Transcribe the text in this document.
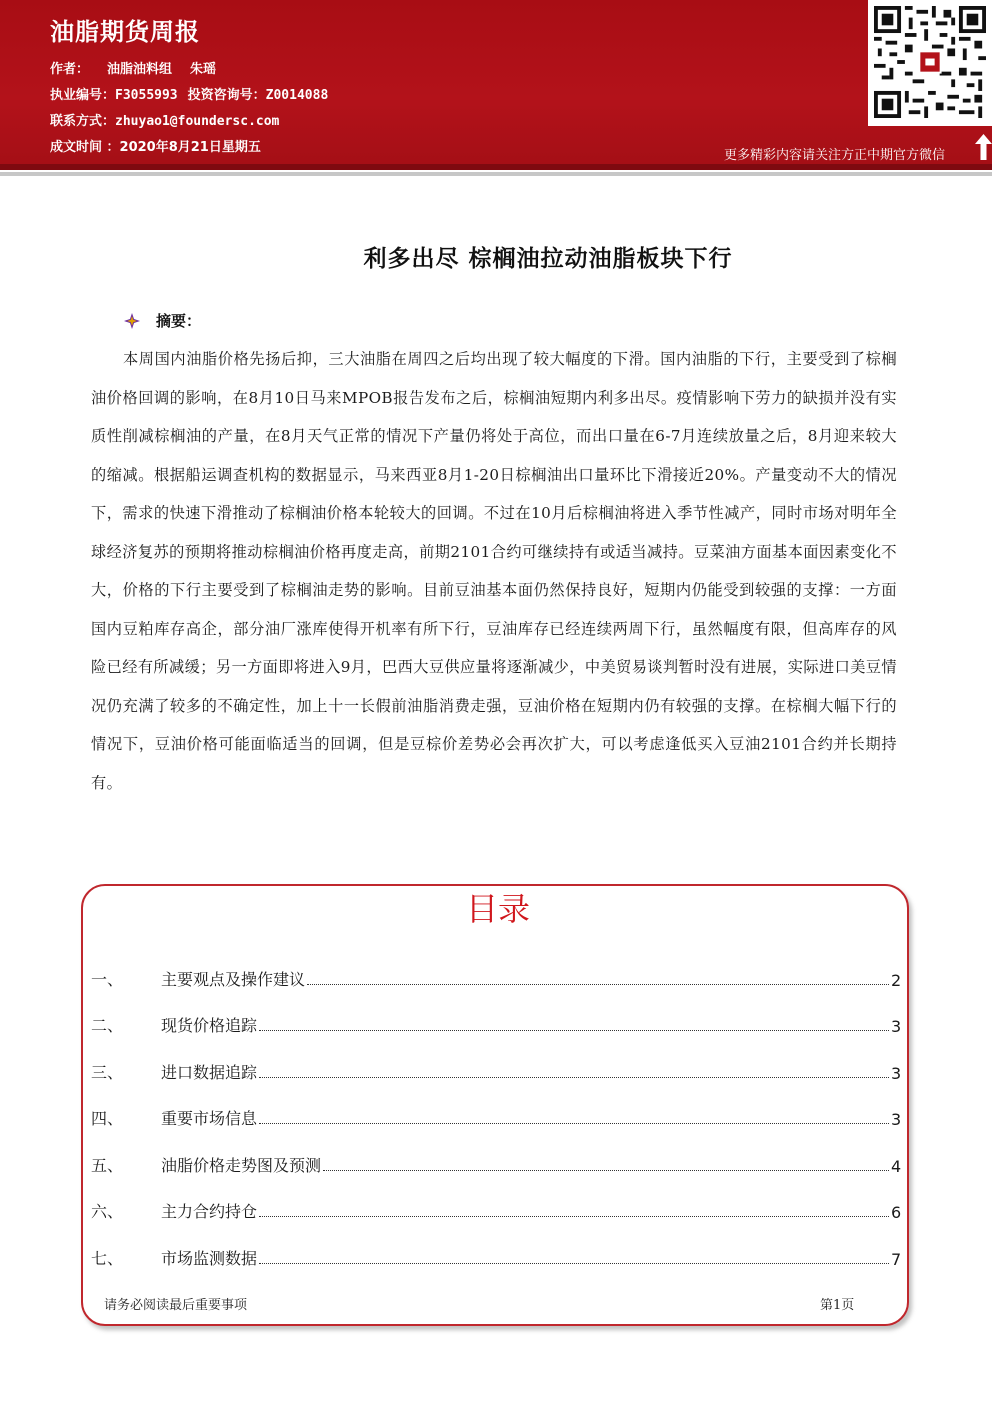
油脂期货周报
作者： 油脂油料组 朱瑶
执业编号：F3055993 投资咨询号：Z0014088
联系方式：zhuyao1@foundersc.com
成文时间 ：2020年8月21日星期五
更多精彩内容请关注方正中期官方微信
利多出尽 棕榈油拉动油脂板块下行
摘要：
本周国内油脂价格先扬后抑，三大油脂在周四之后均出现了较大幅度的下滑。国内油脂的下行，主要受到了棕榈油价格回调的影响，在8月10日马来MPOB报告发布之后，棕榈油短期内利多出尽。疫情影响下劳力的缺损并没有实质性削减棕榈油的产量，在8月天气正常的情况下产量仍将处于高位，而出口量在6-7月连续放量之后，8月迎来较大的缩减。根据船运调查机构的数据显示，马来西亚8月1-20日棕榈油出口量环比下滑接近20%。产量变动不大的情况下，需求的快速下滑推动了棕榈油价格本轮较大的回调。不过在10月后棕榈油将进入季节性减产，同时市场对明年全球经济复苏的预期将推动棕榈油价格再度走高，前期2101合约可继续持有或适当减持。豆菜油方面基本面因素变化不大，价格的下行主要受到了棕榈油走势的影响。目前豆油基本面仍然保持良好，短期内仍能受到较强的支撑：一方面国内豆粕库存高企，部分油厂涨库使得开机率有所下行，豆油库存已经连续两周下行，虽然幅度有限，但高库存的风险已经有所减缓；另一方面即将进入9月，巴西大豆供应量将逐渐减少，中美贸易谈判暂时没有进展，实际进口美豆情况仍充满了较多的不确定性，加上十一长假前油脂消费走强，豆油价格在短期内仍有较强的支撑。在棕榈大幅下行的情况下，豆油价格可能面临适当的回调，但是豆棕价差势必会再次扩大，可以考虑逢低买入豆油2101合约并长期持有。
目录
一、	主要观点及操作建议	2
二、	现货价格追踪	3
三、	进口数据追踪	3
四、	重要市场信息	3
五、	油脂价格走势图及预测	4
六、	主力合约持仓	6
七、	市场监测数据	7
请务必阅读最后重要事项	第1页
